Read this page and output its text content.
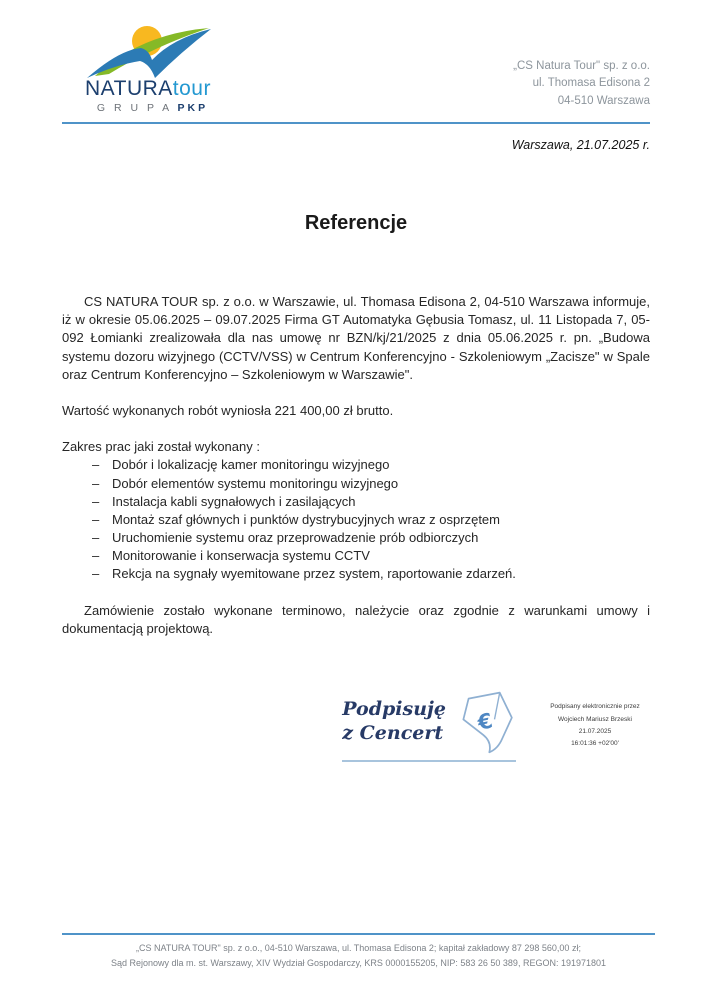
NATURAtour
G R U P A PKP
„CS Natura Tour" sp. z o.o.
ul. Thomasa Edisona 2
04-510 Warszawa
Warszawa, 21.07.2025 r.
Referencje

CS NATURA TOUR sp. z o.o. w Warszawie, ul. Thomasa Edisona 2, 04-510 Warszawa informuje, iż w okresie 05.06.2025 – 09.07.2025 Firma GT Automatyka Gębusia Tomasz, ul. 11 Listopada 7, 05-092 Łomianki zrealizowała dla nas umowę nr BZN/kj/21/2025 z dnia 05.06.2025 r. pn. „Budowa systemu dozoru wizyjnego (CCTV/VSS) w Centrum Konferencyjno - Szkoleniowym „Zacisze" w Spale oraz Centrum Konferencyjno – Szkoleniowym w Warszawie".

Wartość wykonanych robót wyniosła 221 400,00 zł brutto.

Zakres prac jaki został wykonany :

– Dobór i lokalizację kamer monitoringu wizyjnego
– Dobór elementów systemu monitoringu wizyjnego
– Instalacja kabli sygnałowych i zasilających
– Montaż szaf głównych i punktów dystrybucyjnych wraz z osprzętem
– Uruchomienie systemu oraz przeprowadzenie prób odbiorczych
– Monitorowanie i konserwacja systemu CCTV
– Rekcja na sygnały wyemitowane przez system, raportowanie zdarzeń.

Zamówienie zostało wykonane terminowo, należycie oraz zgodnie z warunkami umowy i dokumentacją projektową.

Podpisuję
z Cencert €
Podpisany elektronicznie przez
Wojciech Mariusz Brzeski
21.07.2025
16:01:36 +02'00'
„CS NATURA TOUR" sp. z o.o., 04-510 Warszawa, ul. Thomasa Edisona 2; kapitał zakładowy 87 298 560,00 zł;
Sąd Rejonowy dla m. st. Warszawy, XIV Wydział Gospodarczy, KRS 0000155205, NIP: 583 26 50 389, REGON: 191971801
